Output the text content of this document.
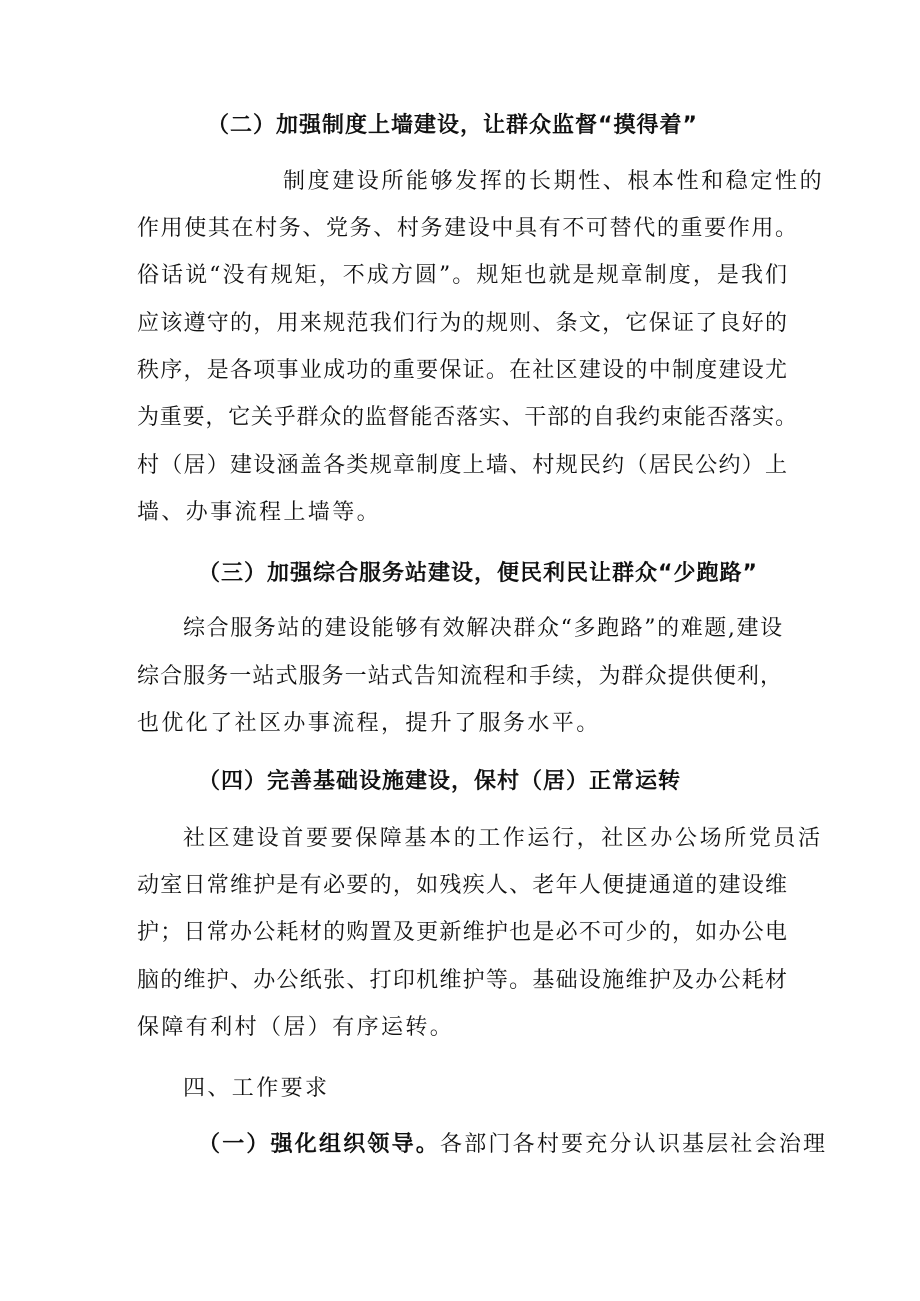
（二）加强制度上墙建设，让群众监督“摸得着”
制度建设所能够发挥的长期性、根本性和稳定性的
作用使其在村务、党务、村务建设中具有不可替代的重要作用。
俗话说“没有规矩，不成方圆”。规矩也就是规章制度，是我们
应该遵守的，用来规范我们行为的规则、条文，它保证了良好的
秩序，是各项事业成功的重要保证。在社区建设的中制度建设尤
为重要，它关乎群众的监督能否落实、干部的自我约束能否落实。
村（居）建设涵盖各类规章制度上墙、村规民约（居民公约）上
墙、办事流程上墙等。
（三）加强综合服务站建设，便民利民让群众“少跑路”
综合服务站的建设能够有效解决群众“多跑路”的难题,建设
综合服务一站式服务一站式告知流程和手续，为群众提供便利，
也优化了社区办事流程，提升了服务水平。
（四）完善基础设施建设，保村（居）正常运转
社区建设首要要保障基本的工作运行，社区办公场所党员活
动室日常维护是有必要的，如残疾人、老年人便捷通道的建设维
护；日常办公耗材的购置及更新维护也是必不可少的，如办公电
脑的维护、办公纸张、打印机维护等。基础设施维护及办公耗材
保障有利村（居）有序运转。
四、工作要求
（一）强化组织领导。各部门各村要充分认识基层社会治理
